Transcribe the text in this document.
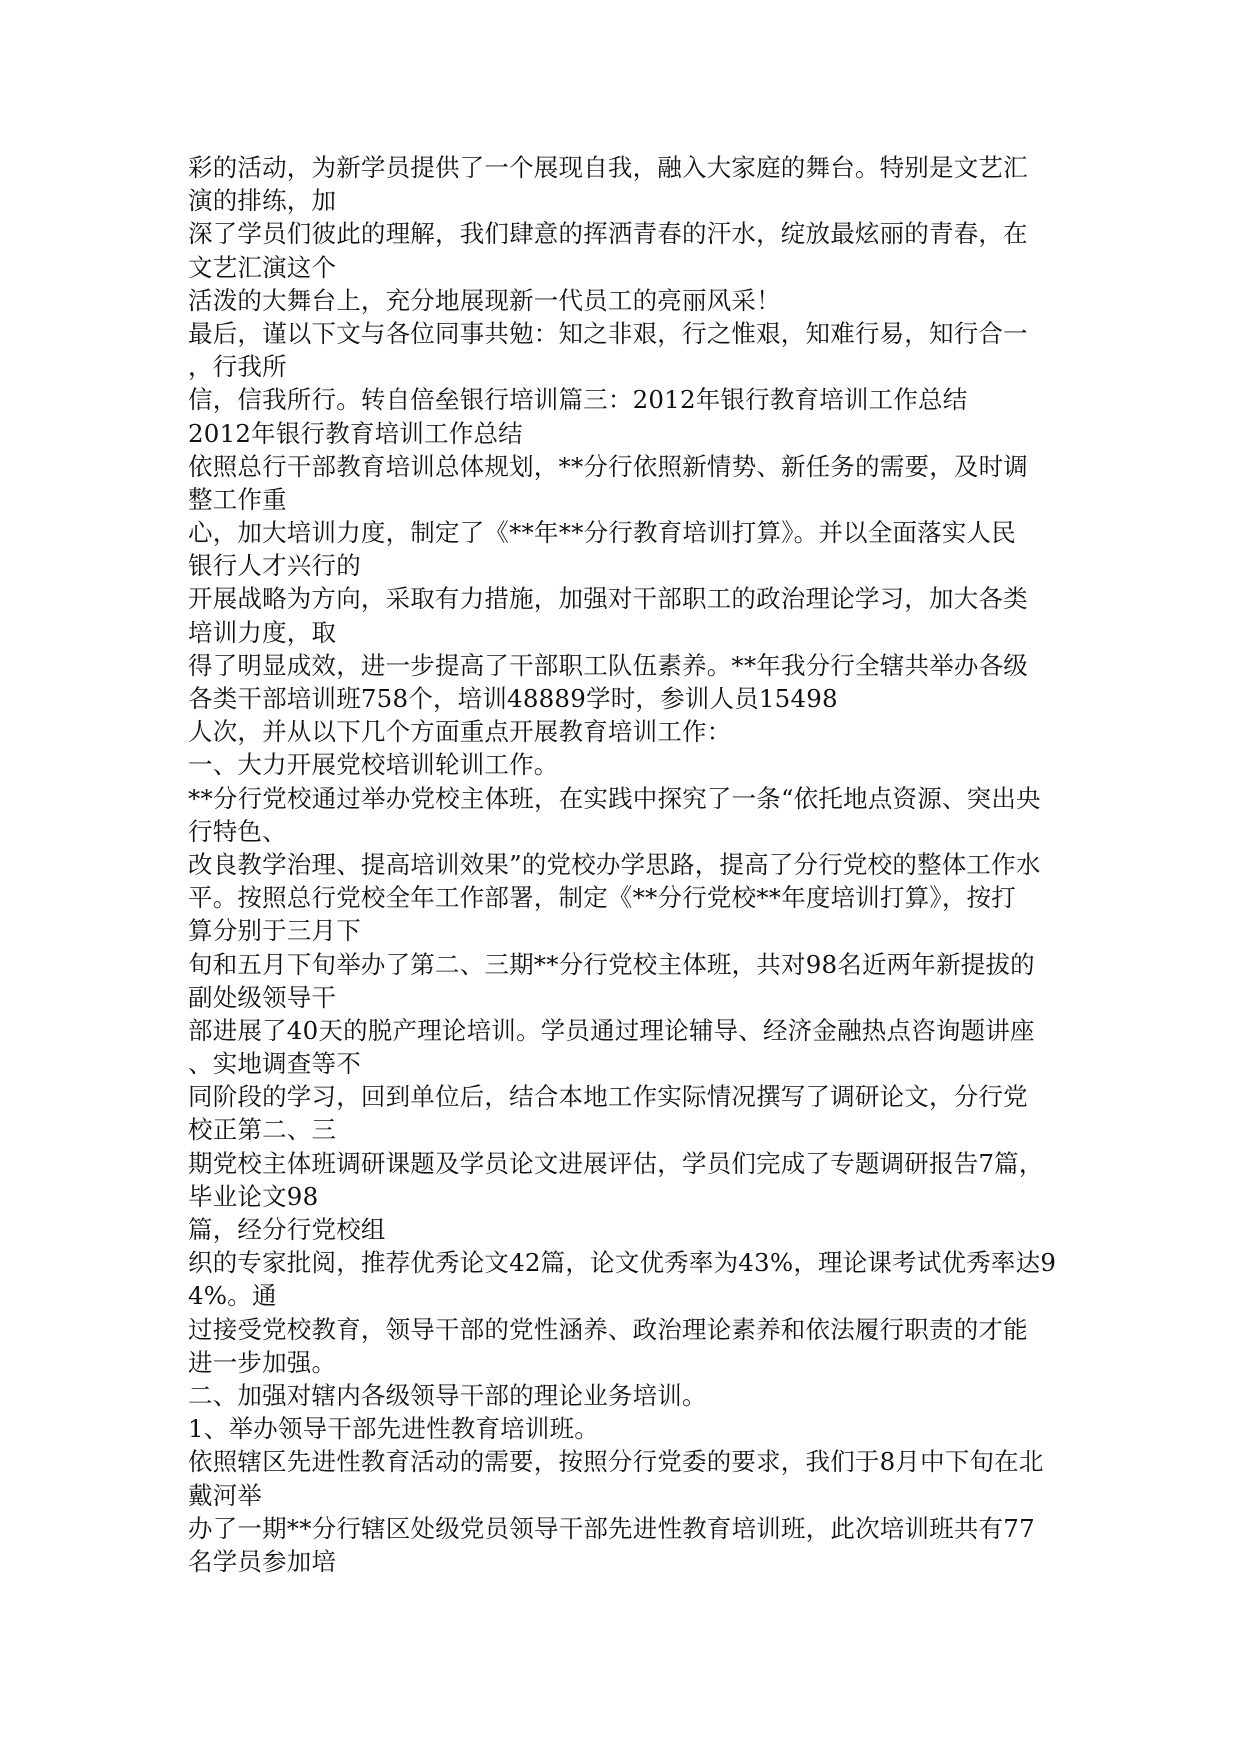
彩的活动，为新学员提供了一个展现自我，融入大家庭的舞台。特别是文艺汇
演的排练，加
深了学员们彼此的理解，我们肆意的挥洒青春的汗水，绽放最炫丽的青春，在
文艺汇演这个
活泼的大舞台上，充分地展现新一代员工的亮丽风采！
最后，谨以下文与各位同事共勉：知之非艰，行之惟艰，知难行易，知行合一
，行我所
信，信我所行。转自倍垒银行培训篇三：2012年银行教育培训工作总结
2012年银行教育培训工作总结
依照总行干部教育培训总体规划，**分行依照新情势、新任务的需要，及时调
整工作重
心，加大培训力度，制定了《**年**分行教育培训打算》。并以全面落实人民
银行人才兴行的
开展战略为方向，采取有力措施，加强对干部职工的政治理论学习，加大各类
培训力度，取
得了明显成效，进一步提高了干部职工队伍素养。**年我分行全辖共举办各级
各类干部培训班758个，培训48889学时，参训人员15498
人次，并从以下几个方面重点开展教育培训工作：
一、大力开展党校培训轮训工作。
**分行党校通过举办党校主体班，在实践中探究了一条“依托地点资源、突出央
行特色、
改良教学治理、提高培训效果”的党校办学思路，提高了分行党校的整体工作水
平。按照总行党校全年工作部署，制定《**分行党校**年度培训打算》，按打
算分别于三月下
旬和五月下旬举办了第二、三期**分行党校主体班，共对98名近两年新提拔的
副处级领导干
部进展了40天的脱产理论培训。学员通过理论辅导、经济金融热点咨询题讲座
、实地调查等不
同阶段的学习，回到单位后，结合本地工作实际情况撰写了调研论文，分行党
校正第二、三
期党校主体班调研课题及学员论文进展评估，学员们完成了专题调研报告7篇，
毕业论文98
篇，经分行党校组
织的专家批阅，推荐优秀论文42篇，论文优秀率为43%，理论课考试优秀率达9
4%。通
过接受党校教育，领导干部的党性涵养、政治理论素养和依法履行职责的才能
进一步加强。
二、加强对辖内各级领导干部的理论业务培训。
1、举办领导干部先进性教育培训班。
依照辖区先进性教育活动的需要，按照分行党委的要求，我们于8月中下旬在北
戴河举
办了一期**分行辖区处级党员领导干部先进性教育培训班，此次培训班共有77
名学员参加培
